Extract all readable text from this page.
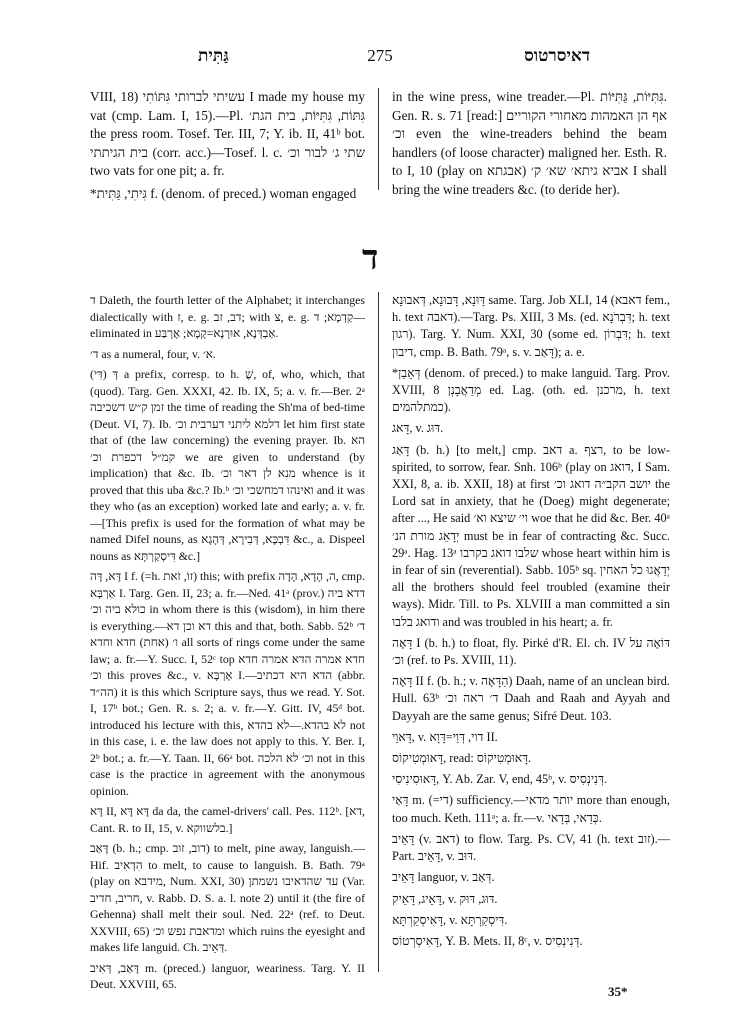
גַּתִּית	275	דאיסרטוס

VIII, 18) עשיתי לברותי גִּתּוֹתִי I made my house my vat (cmp. Lam. I, 15).—Pl. גִּתּוֹת, גִּתִּיּוֹת, בית הגת׳ the press room. Tosef. Ter. III, 7; Y. ib. II, 41ᵇ bot. בית הגיתתי (corr. acc.)—Tosef. l. c. שתי ג׳ לבור וכ׳ two vats for one pit; a. fr.

*גִּיתִי, גַּתִּית f. (denom. of preced.) woman engaged

in the wine press, wine treader.—Pl. גִּתִּיּוֹת, גַּתִּיּוֹת. Gen. R. s. 71 [read:] אף הן האמהות מאחורי הקוריים וכ׳ even the wine-treaders behind the beam handlers (of loose character) maligned her. Esth. R. to I, 10 (play on אבגתא) אביא גיתא׳ שא׳ ק׳ I shall bring the wine treaders &c. (to deride her).

ד

ד Daleth, the fourth letter of the Alphabet; it interchanges dialectically with ז, e. g. דב, זב; with צ, e. g. קַדְמָא; ד—eliminated in אַבְדְּנָא, אוּרְנָא=קָמָא; אֶרְבַּע.

ד׳ as a numeral, four, v. א׳.

(דִּי) דְּ a prefix, corresp. to h. שֶׁ, of, who, which, that (quod). Targ. Gen. XXXI, 42. Ib. IX, 5; a. v. fr.—Ber. 2ᵃ זמן ק״ש דשכיבה the time of reading the Sh'ma of bed-time (Deut. VI, 7). Ib. דלמא ליתני דערבית וכ׳ let him first state that of (the law concerning) the evening prayer. Ib. הא קמ״ל דכפרת וכ׳ we are given to understand (by implication) that &c. Ib. מנא לן דאר וכ׳ whence is it proved that this uba &c.? Ib.ᵇ ואינהו דמחשכי וכ׳ and it was they who (as an exception) worked late and early; a. v. fr.—[This prefix is used for the formation of what may be named Difel nouns, as דִּבְכָּא, דְּבִירָא, דְּהָגָא &c., a. Dispeel nouns as דִּיסְקַרְתָּא &c.]

דָּא, דָּה I f. (=h. זוֹ, זֹאת) this; with prefix ה, הָדָא, הָדָה, cmp. אַרְבָּא I. Targ. Gen. II, 23; a. fr.—Ned. 41ᵃ (prov.) דדא ביה כולא ביה וכ׳ in whom there is this (wisdom), in him there is everything.—דא וכן דא this and that, both. Sabb. 52ᵇ ד׳ ו׳ (אחת) חדא וחדא all sorts of rings come under the same law; a. fr.—Y. Succ. I, 52ᶜ top חדא אמרה הדא אמרה חדא וכ׳ this proves &c., v. אָרְבָּא I.—הדא היא דכתיב (abbr. הה״ד) it is this which Scripture says, thus we read. Y. Sot. I, 17ᵇ bot.; Gen. R. s. 2; a. v. fr.—Y. Gitt. IV, 45ᵈ bot. introduced his lecture with this, לא בהדא.—לא בהדא not in this case, i. e. the law does not apply to this. Y. Ber. I, 2ᵇ bot.; a. fr.—Y. Taan. II, 66ᵃ bot. וכ׳ לא הלכה not in this case is the practice in agreement with the anonymous opinion.

דָּא II, דָּא דָּא da da, the camel-drivers' call. Pes. 112ᵇ. [דא, Cant. R. to II, 15, v. בלשווקא.]

דָּאַב (b. h.; cmp. דוב, זוב) to melt, pine away, languish.—Hif. הִדְאִיב to melt, to cause to languish. B. Bath. 79ᵃ (play on מידבא, Num. XXI, 30) עד שהדאיבו נשמתן (Var. חריב, חדיב, v. Rabb. D. S. a. l. note 2) until it (the fire of Gehenna) shall melt their soul. Ned. 22ᵃ (ref. to Deut. XXVIII, 65) ומדאבת נפש וכ׳ which ruins the eyesight and makes life languid. Ch. דְּאֵיב.

דָּאַב, דְּאִיב m. (preced.) languor, weariness. Targ. Y. II Deut. XXVIII, 65.

דָּוּנָא, דָּבוּנָא, דְּאבוּנָא same. Targ. Job XLI, 14 (דאבא fem., h. text דאבה).—Targ. Ps. XIII, 3 Ms. (ed. דִּבְרֹנָא; h. text רגון). Targ. Y. Num. XXI, 30 (some ed. דִּבְרוֹן; h. text דיבון, cmp. B. Bath. 79ᵃ, s. v. דָּאַב); a. e.

*דְּאֵבַן (denom. of preced.) to make languid. Targ. Prov. XVIII, 8 מְדַאֲבָנְן ed. Lag. (oth. ed. מרכנן, h. text כמתלהמים).

דָּאג, v. דּוּג.

דָּאַג (b. h.) [to melt,] cmp. דאב a. רצף, to be low-spirited, to sorrow, fear. Snh. 106ᵇ (play on דואג, I Sam. XXI, 8, a. ib. XXII, 18) at first יושב הקב״ה דואג וכ׳ the Lord sat in anxiety, that he (Doeg) might degenerate; after ..., He said וי׳ שיצא וא׳ woe that he did &c. Ber. 40ᵃ יְדָאֵג מורת הנ׳ must be in fear of contracting &c. Succ. 29ᵃ. Hag. 13ᵃ שלבו דואג בקרבו whose heart within him is in fear of sin (reverential). Sabb. 105ᵇ sq. יְדַאֲגוּ כל האחין all the brothers should feel troubled (examine their ways). Midr. Till. to Ps. XLVIII a man committed a sin ודואג בלבו and was troubled in his heart; a. fr.

דָּאָה I (b. h.) to float, fly. Pirké d'R. El. ch. IV דּוֹאָה על וכ׳ (ref. to Ps. XVIII, 11).

דָּאָה II f. (b. h.; v. הַדָּאָה) Daah, name of an unclean bird. Hull. 63ᵇ ד׳ ראה וכ׳ Daah and Raah and Ayyah and Dayyah are the same genus; Sifré Deut. 103.

דָּאוֵי, v. דוי, דְּוֵי=דָּוָא II.

דָּאוּמְטִיקוֹס, read: דָּאוּמְטִיקוֹס.

דָּאוּסִינִיסִי, Y. Ab. Zar. V, end, 45ᵇ, v. דְּנִינְסִיס.

דָּאַי m. (=די) sufficiency.—יותר מדאי more than enough, too much. Keth. 111ᵃ; a. fr.—v. כְּדַאי, בְּדָאי.

דָּאֵיב (v. דאב) to flow. Targ. Ps. CV, 41 (h. text זוב).—Part. דָּאֵיב, v. דּוּב.

דָּאֵיב languor, v. דְּאַב.

דָּאֵיג, דָּאֵיק, v. דּוּג, דּוּק.

דָּאִיסְקַרְתָּא, v. דִּיסְקַרְתָּא.

דָּאִיסְרְטוֹס, Y. B. Mets. II, 8ᶜ, v. דְּנִינְסִיס.

35*
